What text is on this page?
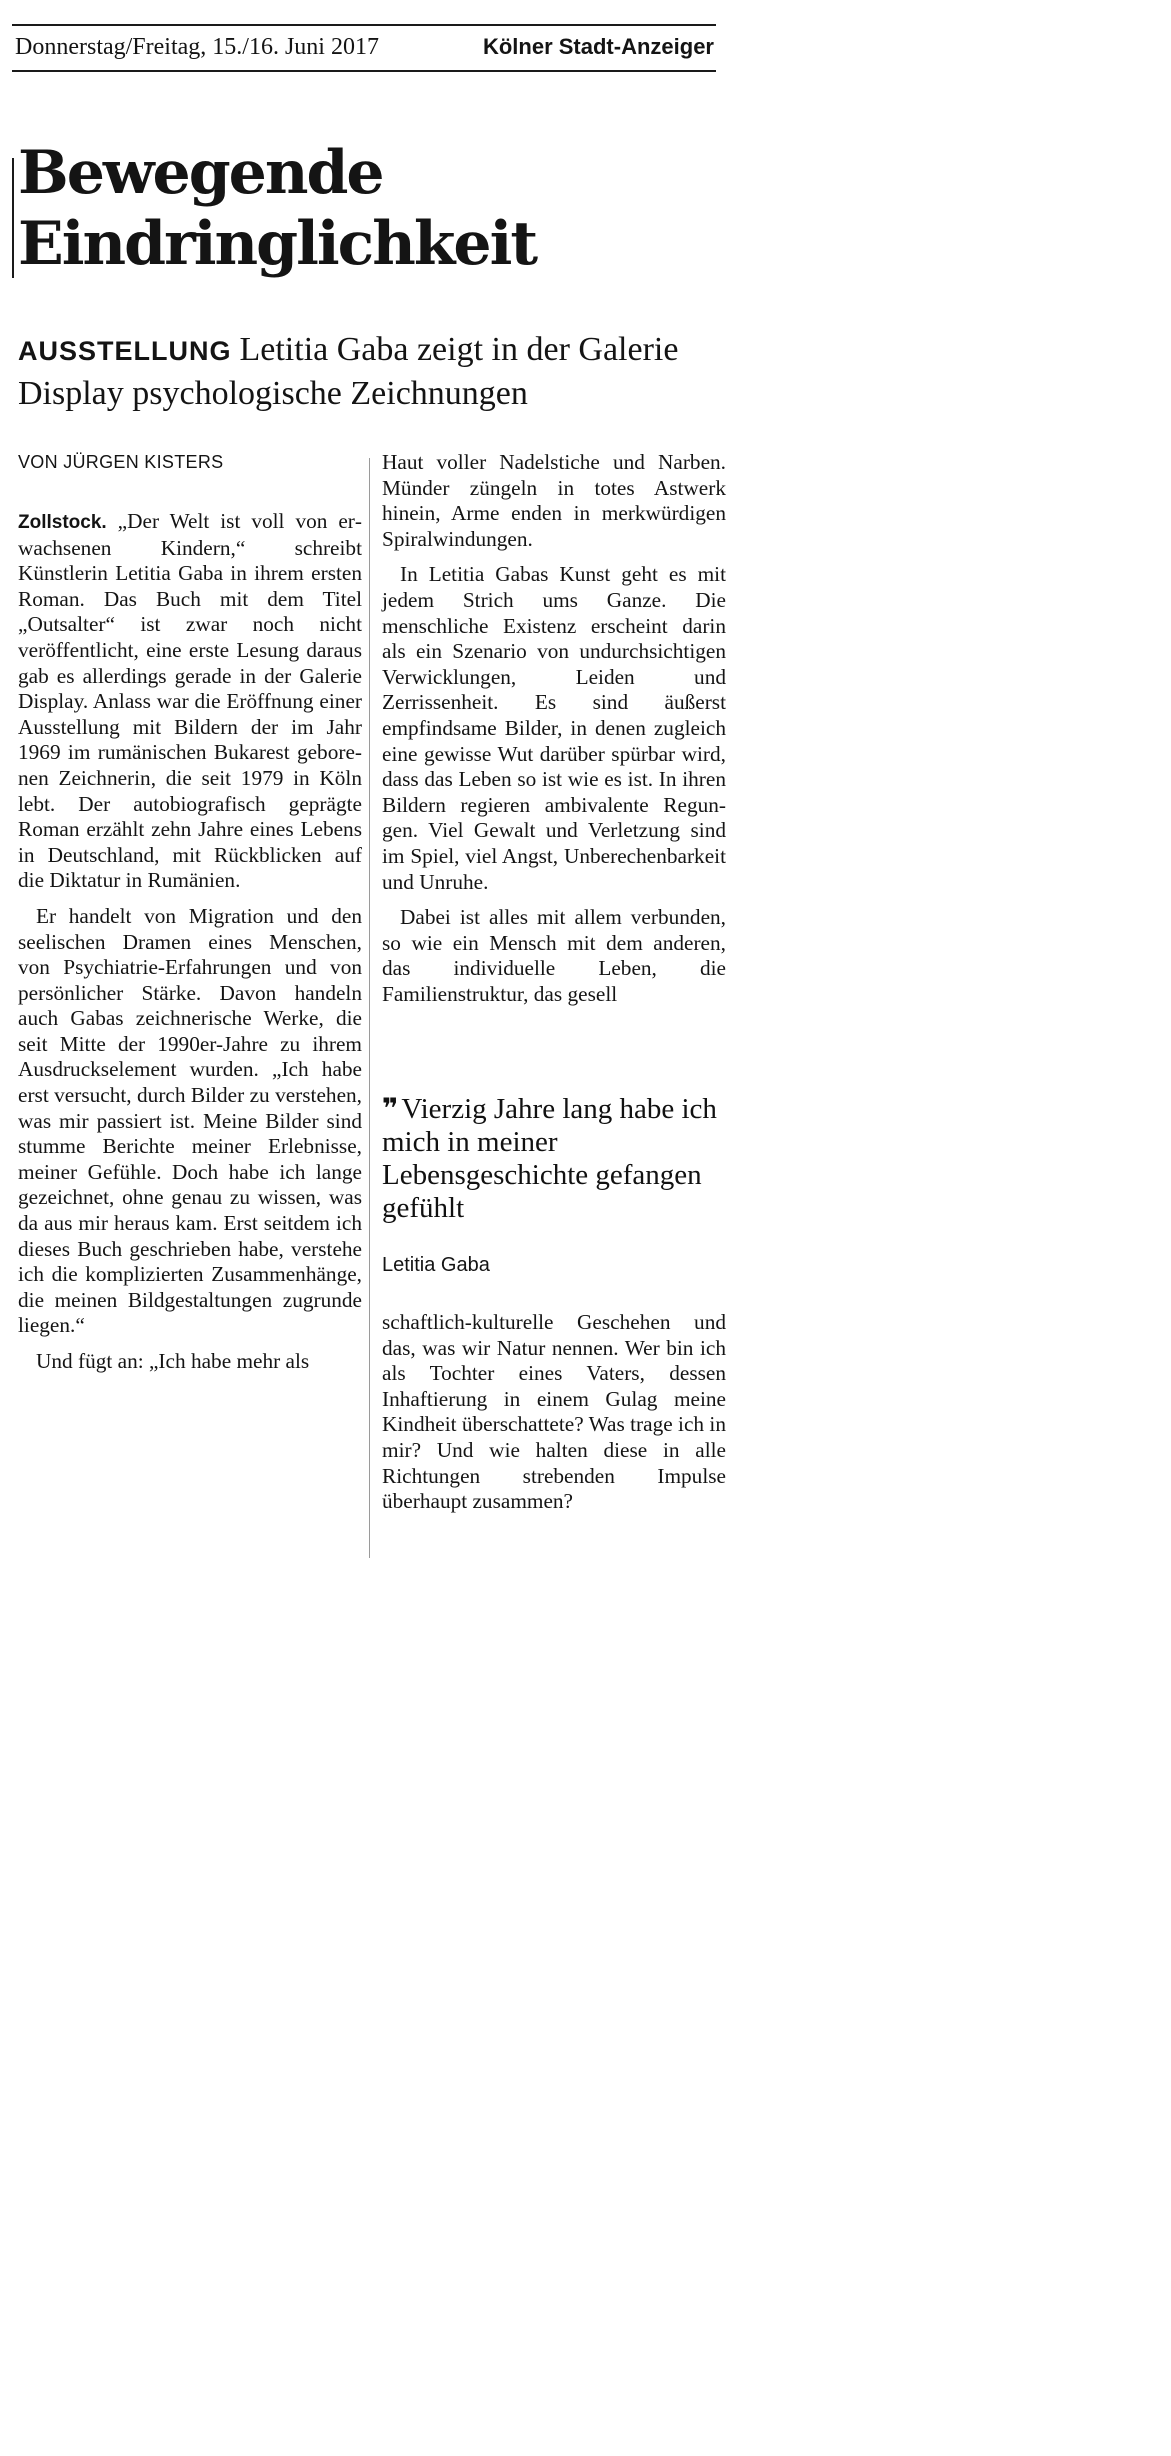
Donnerstag/Freitag, 15./16. Juni 2017	Kölner Stadt-Anzeiger
Bewegende
Eindringlichkeit

AUSSTELLUNG Letitia Gaba zeigt in der Galerie Display psychologische Zeichnungen

VON JÜRGEN KISTERS

Zollstock. „Der Welt ist voll von erwachsenen Kindern,“ schreibt Künstlerin Letitia Gaba in ihrem ersten Roman. Das Buch mit dem Titel „Outsalter“ ist zwar noch nicht veröffentlicht, eine erste Lesung daraus gab es allerdings gerade in der Galerie Display. Anlass war die Eröffnung einer Ausstellung mit Bildern der im Jahr 1969 im rumänischen Bukarest geborenen Zeichnerin, die seit 1979 in Köln lebt. Der autobiografisch geprägte Roman erzählt zehn Jahre eines Lebens in Deutschland, mit Rückblicken auf die Diktatur in Rumänien.

Er handelt von Migration und den seelischen Dramen eines Menschen, von Psychiatrie-Erfahrungen und von persönlicher Stärke. Davon handeln auch Gabas zeichnerische Werke, die seit Mitte der 1990er-Jahre zu ihrem Ausdruckselement wurden. „Ich habe erst versucht, durch Bilder zu verstehen, was mir passiert ist. Meine Bilder sind stumme Berichte meiner Erlebnisse, meiner Gefühle. Doch habe ich lange gezeichnet, ohne genau zu wissen, was da aus mir heraus kam. Erst seitdem ich dieses Buch geschrieben habe, verstehe ich die komplizierten Zusammenhänge, die meinen Bildgestaltungen zugrunde liegen.“

Und fügt an: „Ich habe mehr als

Haut voller Nadelstiche und Narben. Münder züngeln in totes Astwerk hinein, Arme enden in merkwürdigen Spiralwindungen.

In Letitia Gabas Kunst geht es mit jedem Strich ums Ganze. Die menschliche Existenz erscheint darin als ein Szenario von undurchsichtigen Verwicklungen, Leiden und Zerrissenheit. Es sind äußerst empfindsame Bilder, in denen zugleich eine gewisse Wut darüber spürbar wird, dass das Leben so ist wie es ist. In ihren Bildern regieren ambivalente Regungen. Viel Gewalt und Verletzung sind im Spiel, viel Angst, Unberechenbarkeit und Unruhe.

Dabei ist alles mit allem verbunden, so wie ein Mensch mit dem anderen, das individuelle Leben, die Familienstruktur, das gesell

❜❜ Vierzig Jahre lang habe ich mich in meiner Lebensgeschichte gefangen gefühlt
Letitia Gaba

schaftlich-kulturelle Geschehen und das, was wir Natur nennen. Wer bin ich als Tochter eines Vaters, dessen Inhaftierung in einem Gulag meine Kindheit überschattete? Was trage ich in mir? Und wie halten diese in alle Richtungen strebenden Impulse überhaupt zusammen?
